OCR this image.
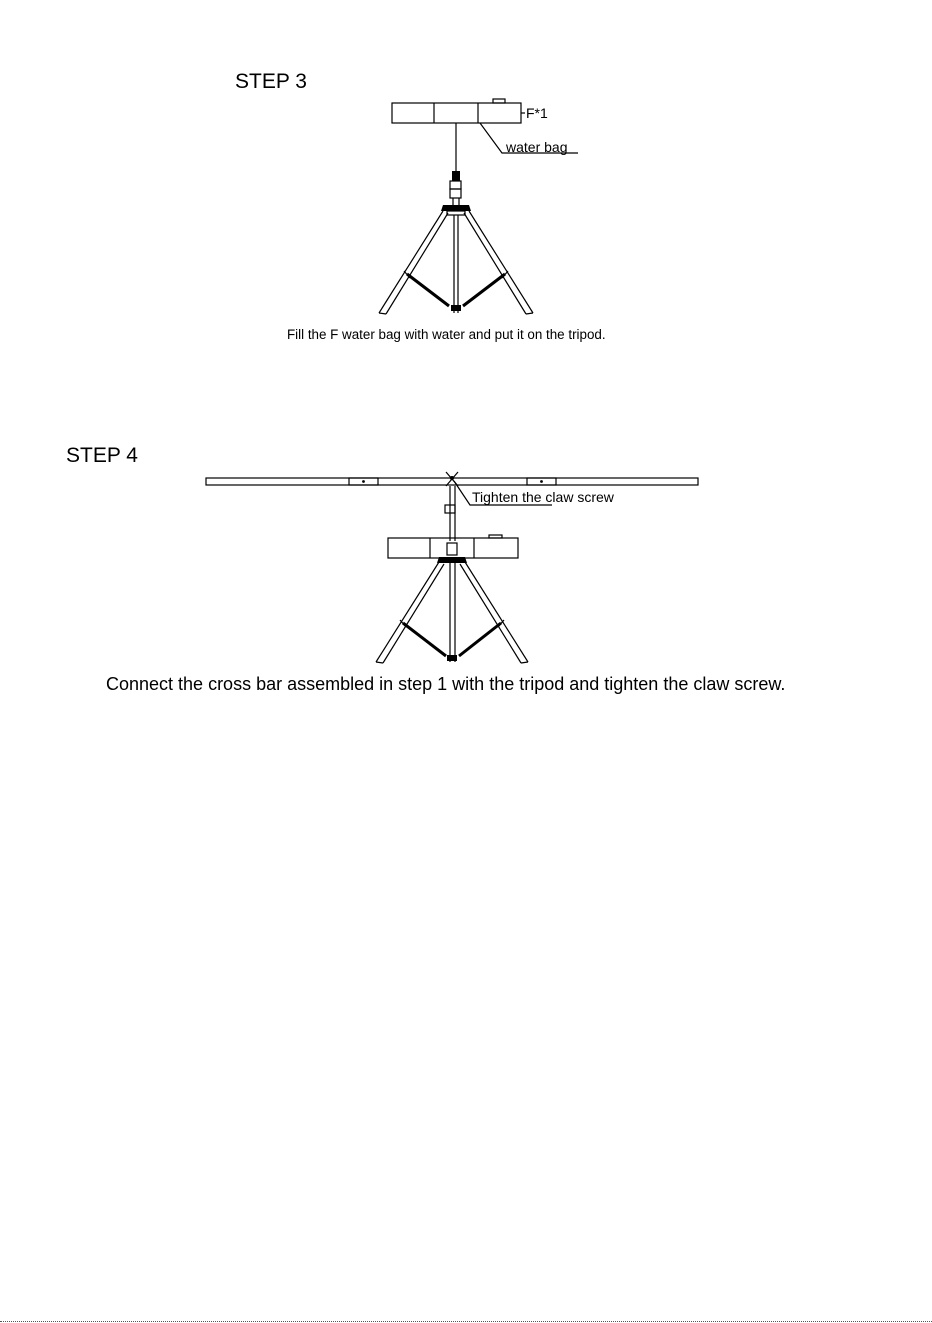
STEP 3
F*1
water bag
Fill the F water bag with water and put it on the tripod.
STEP 4
Tighten the claw screw
Connect the cross bar assembled in step 1 with the tripod and tighten the claw screw.
